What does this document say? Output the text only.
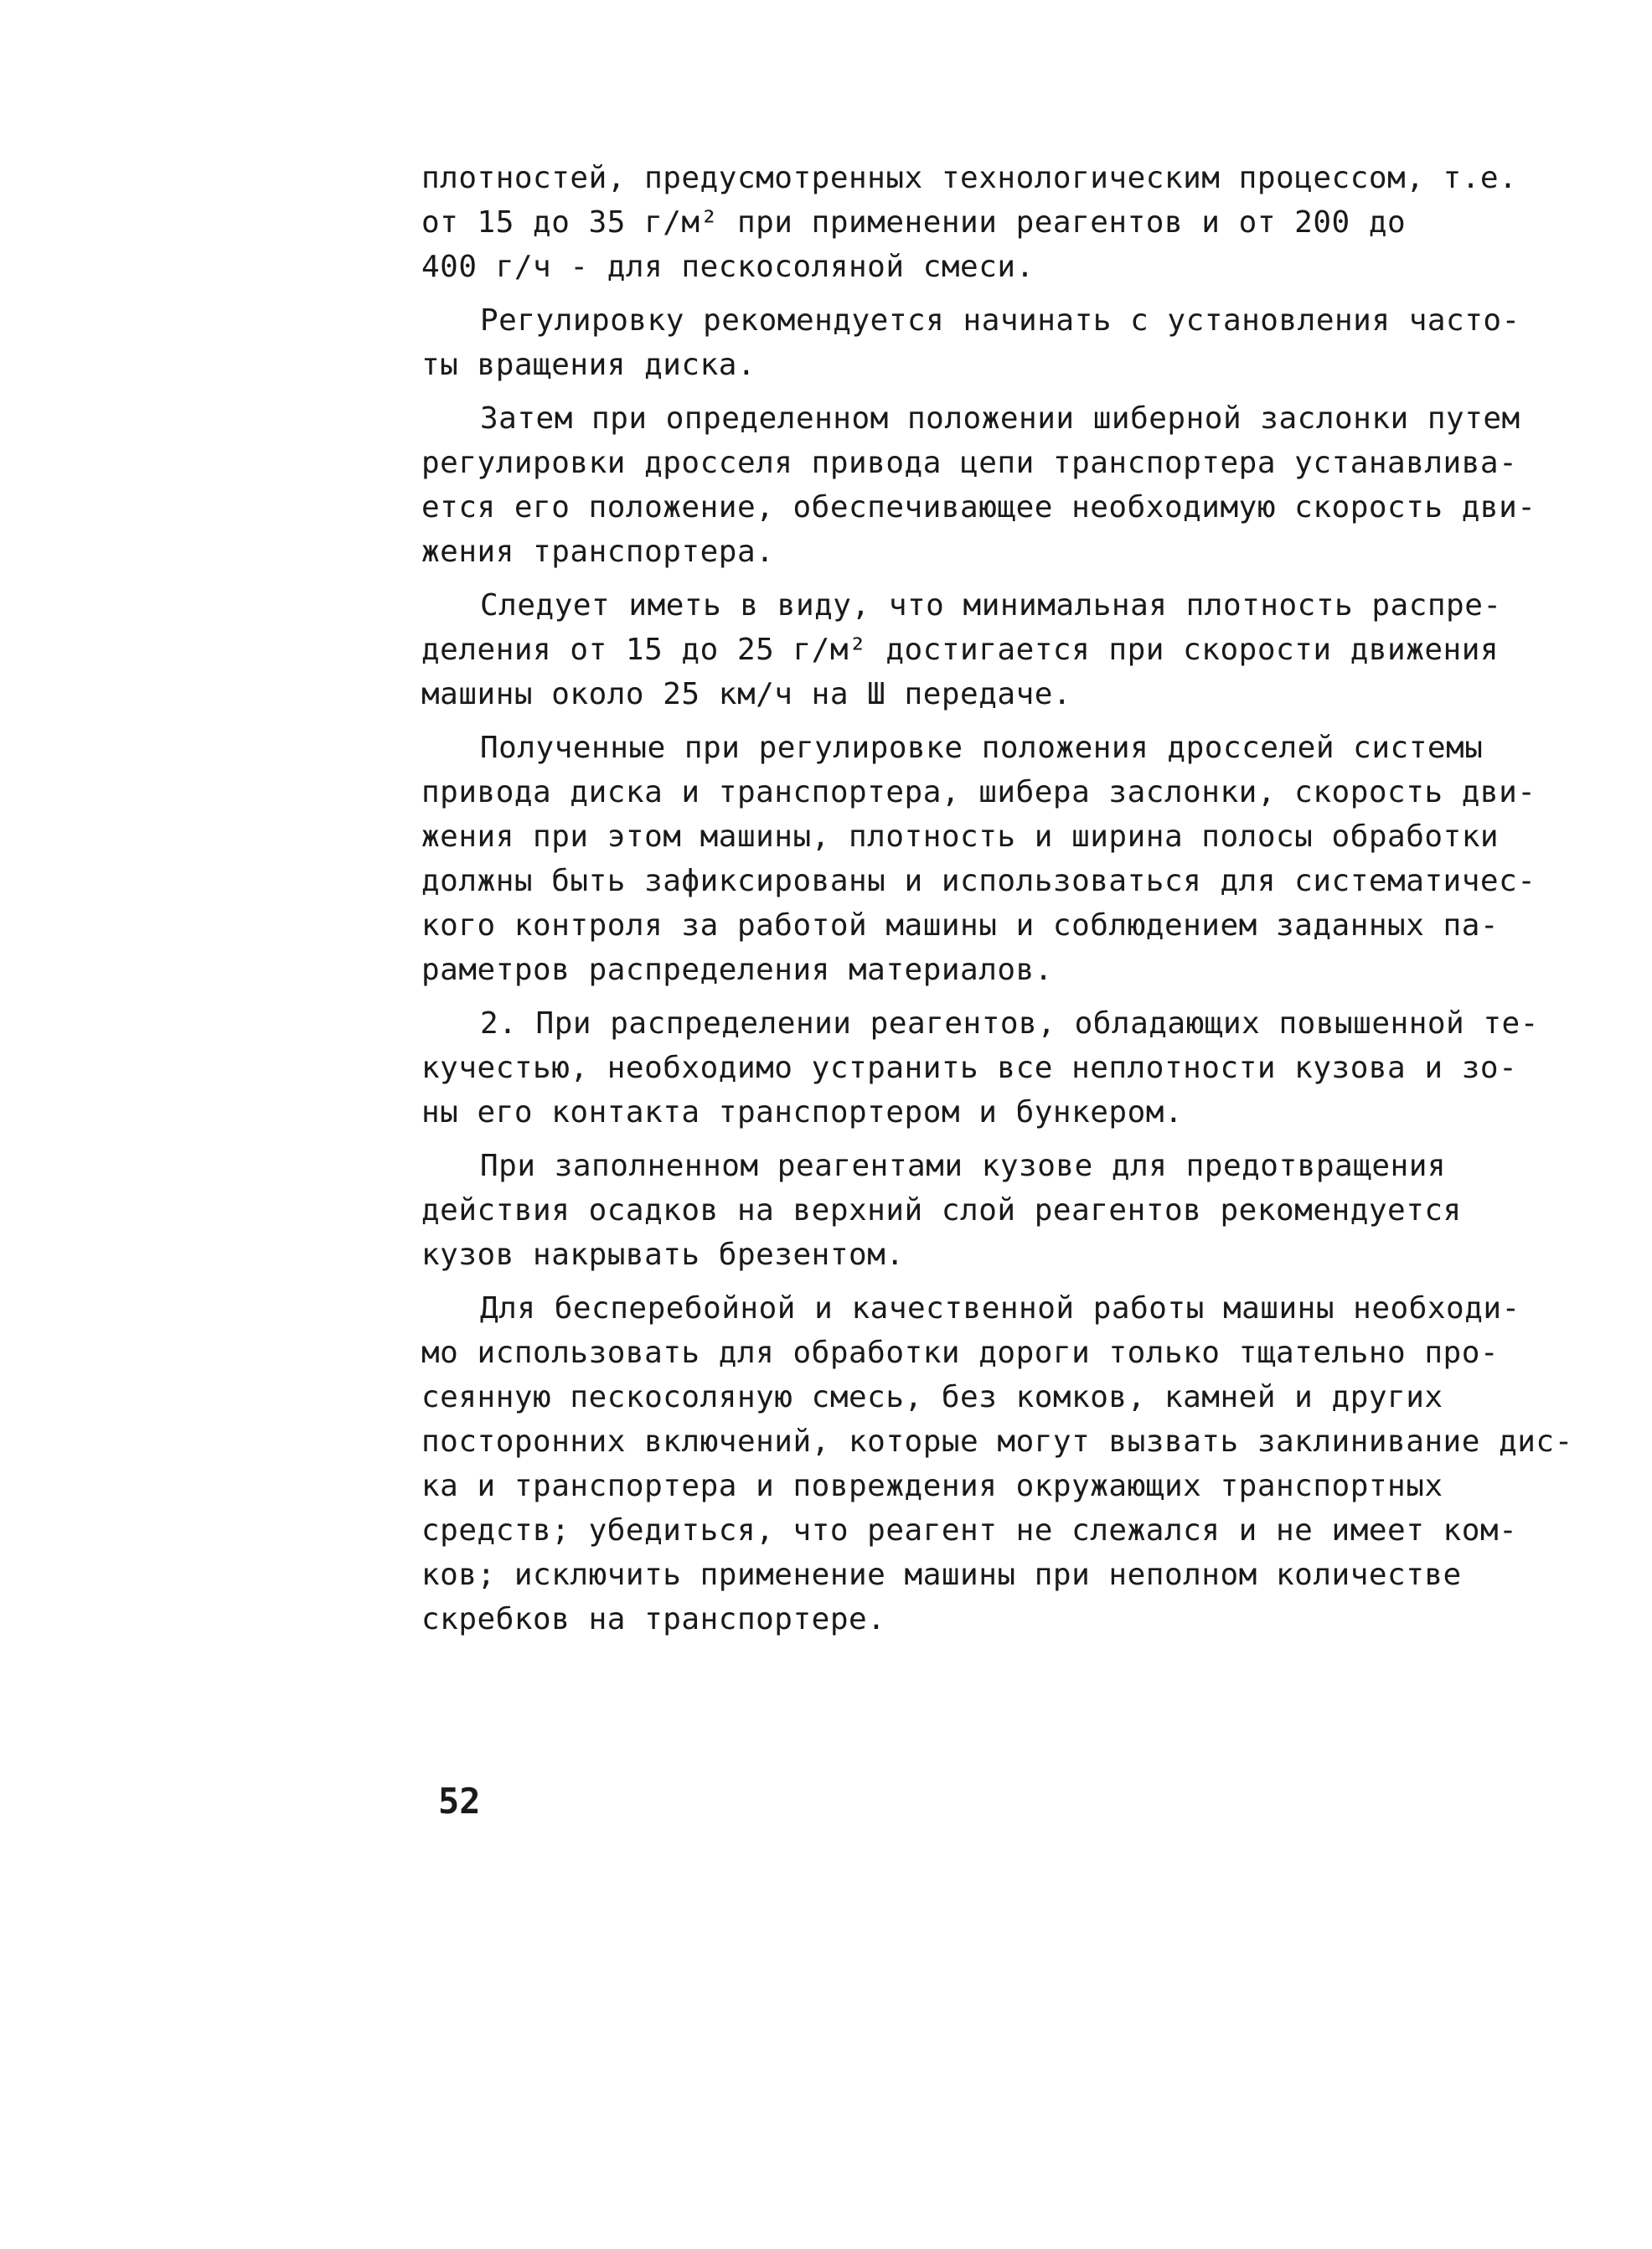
плотностей, предусмотренных технологическим процессом, т.е.
от 15 до 35 г/м² при применении реагентов и от 200 до
400 г/ч - для пескосоляной смеси.

Регулировку рекомендуется начинать с установления часто-
ты вращения диска.

Затем при определенном положении шиберной заслонки путем
регулировки дросселя привода цепи транспортера устанавлива-
ется его положение, обеспечивающее необходимую скорость дви-
жения транспортера.

Следует иметь в виду, что минимальная плотность распре-
деления от 15 до 25 г/м² достигается при скорости движения
машины около 25 км/ч на Ш передаче.

Полученные при регулировке положения дросселей системы
привода диска и транспортера, шибера заслонки, скорость дви-
жения при этом машины, плотность и ширина полосы обработки
должны быть зафиксированы и использоваться для систематичес-
кого контроля за работой машины и соблюдением заданных па-
раметров распределения материалов.

2. При распределении реагентов, обладающих повышенной те-
кучестью, необходимо устранить все неплотности кузова и зо-
ны его контакта транспортером и бункером.

При заполненном реагентами кузове для предотвращения
действия осадков на верхний слой реагентов рекомендуется
кузов накрывать брезентом.

Для бесперебойной и качественной работы машины необходи-
мо использовать для обработки дороги только тщательно про-
сеянную пескосоляную смесь, без комков, камней и других
посторонних включений, которые могут вызвать заклинивание дис-
ка и транспортера и повреждения окружающих транспортных
средств; убедиться, что реагент не слежался и не имеет ком-
ков; исключить применение машины при неполном количестве
скребков на транспортере.

52
